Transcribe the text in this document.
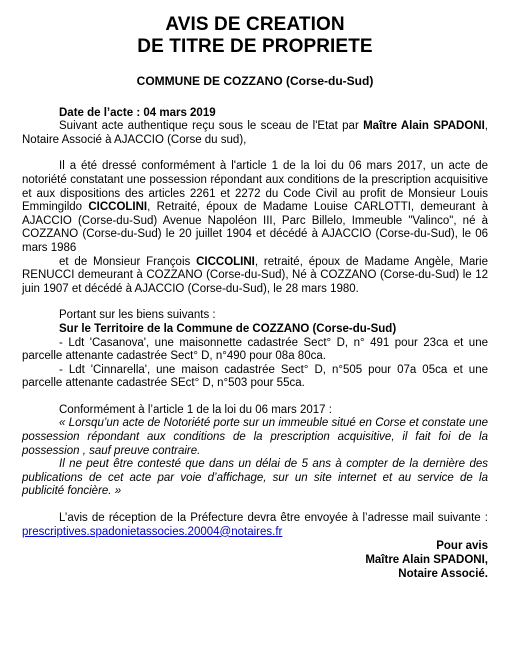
AVIS DE CREATION
DE TITRE DE PROPRIETE
COMMUNE DE COZZANO (Corse-du-Sud)
Date de l’acte : 04 mars 2019
Suivant acte authentique reçu sous le sceau de l'Etat par Maître Alain SPADONI, Notaire Associé à AJACCIO (Corse du sud),
Il a été dressé conformément à l'article 1 de la loi du 06 mars 2017, un acte de notoriété constatant une possession répondant aux conditions de la prescription acquisitive et aux dispositions des articles 2261 et 2272 du Code Civil au profit de Monsieur Louis Emmingildo CICCOLINI, Retraité, époux de Madame Louise CARLOTTI, demeurant à AJACCIO (Corse-du-Sud) Avenue Napoléon III, Parc Billelo, Immeuble "Valinco", né à COZZANO (Corse-du-Sud) le 20 juillet 1904 et décédé à AJACCIO (Corse-du-Sud), le 06 mars 1986
et de Monsieur François CICCOLINI, retraité, époux de Madame Angèle, Marie RENUCCI demeurant à COZZANO (Corse-du-Sud), Né à COZZANO (Corse-du-Sud) le 12 juin 1907 et décédé à AJACCIO (Corse-du-Sud), le 28 mars 1980.
Portant sur les biens suivants :
Sur le Territoire de la Commune de COZZANO (Corse-du-Sud)
- Ldt 'Casanova', une maisonnette cadastrée Sect° D, n° 491 pour 23ca et une parcelle attenante cadastrée Sect° D, n°490 pour 08a 80ca.
- Ldt 'Cinnarella', une maison cadastrée Sect° D, n°505 pour 07a 05ca et une parcelle attenante cadastrée SEct° D, n°503 pour 55ca.
Conformément à l’article 1 de la loi du 06 mars 2017 :
« Lorsqu’un acte de Notoriété porte sur un immeuble situé en Corse et constate une possession répondant aux conditions de la prescription acquisitive, il fait foi de la possession , sauf preuve contraire.
Il ne peut être contesté que dans un délai de 5 ans à compter de la dernière des publications de cet acte par voie d’affichage, sur un site internet et au service de la publicité foncière. »
L’avis de réception de la Préfecture devra être envoyée à l’adresse mail suivante : prescriptives.spadonietassocies.20004@notaires.fr
Pour avis
Maître Alain SPADONI,
Notaire Associé.
